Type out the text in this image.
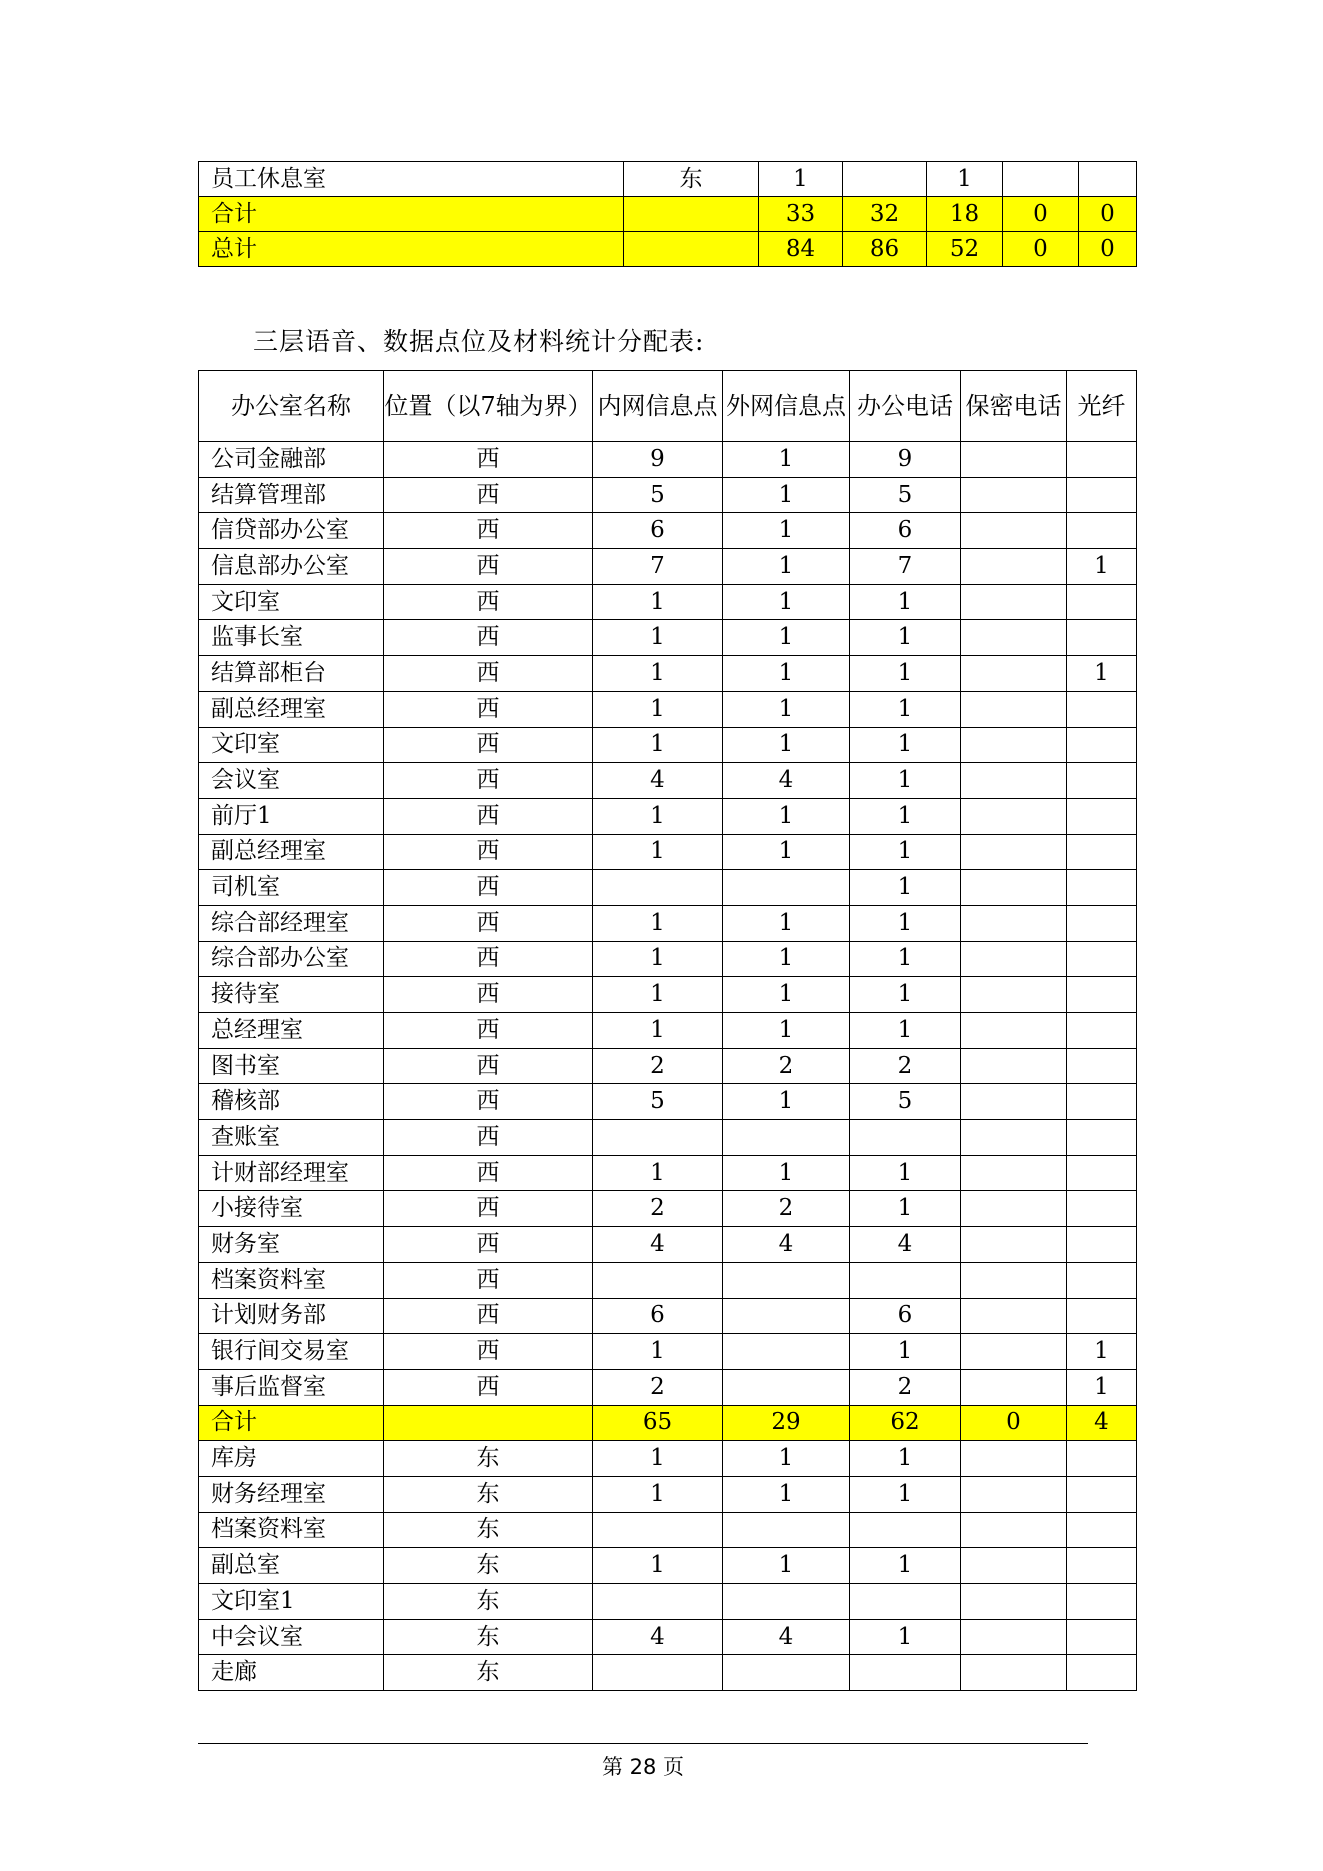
员工休息室	东	1		1		
合计		33	32	18	0	0
总计		84	86	52	0	0
三层语音、数据点位及材料统计分配表:
办公室名称	位置（以7轴为界）	内网信息点	外网信息点	办公电话	保密电话	光纤
公司金融部	西	9	1	9		
结算管理部	西	5	1	5		
信贷部办公室	西	6	1	6		
信息部办公室	西	7	1	7		1
文印室	西	1	1	1		
监事长室	西	1	1	1		
结算部柜台	西	1	1	1		1
副总经理室	西	1	1	1		
文印室	西	1	1	1		
会议室	西	4	4	1		
前厅1	西	1	1	1		
副总经理室	西	1	1	1		
司机室	西			1		
综合部经理室	西	1	1	1		
综合部办公室	西	1	1	1		
接待室	西	1	1	1		
总经理室	西	1	1	1		
图书室	西	2	2	2		
稽核部	西	5	1	5		
查账室	西					
计财部经理室	西	1	1	1		
小接待室	西	2	2	1		
财务室	西	4	4	4		
档案资料室	西					
计划财务部	西	6		6		
银行间交易室	西	1		1		1
事后监督室	西	2		2		1
合计		65	29	62	0	4
库房	东	1	1	1		
财务经理室	东	1	1	1		
档案资料室	东					
副总室	东	1	1	1		
文印室1	东					
中会议室	东	4	4	1		
走廊	东					
第 28 页
